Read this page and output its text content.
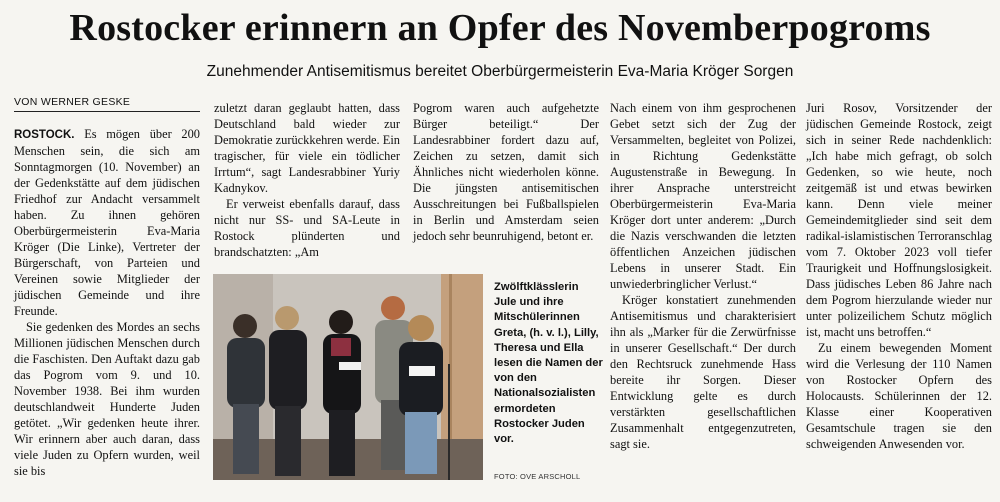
Rostocker erinnern an Opfer des Novemberpogroms
Zunehmender Antisemitismus bereitet Oberbürgermeisterin Eva-Maria Kröger Sorgen
VON WERNER GESKE

ROSTOCK. Es mögen über 200 Menschen sein, die sich am Sonntagmorgen (10. November) an der Gedenkstätte auf dem jüdischen Friedhof zur Andacht versammelt haben. Zu ihnen gehören Oberbürgermeisterin Eva-Maria Kröger (Die Linke), Vertreter der Bürgerschaft, von Parteien und Vereinen sowie Mitglieder der jüdischen Gemeinde und ihre Freunde.

Sie gedenken des Mordes an sechs Millionen jüdischen Menschen durch die Faschisten. Den Auftakt dazu gab das Pogrom vom 9. und 10. November 1938. Bei ihm wurden deutschlandweit Hunderte Juden getötet. „Wir gedenken heute ihrer. Wir erinnern aber auch daran, dass viele Juden zu Opfern wurden, weil sie bis

zuletzt daran geglaubt hatten, dass Deutschland bald wieder zur Demokratie zurückkehren werde. Ein tragischer, für viele ein tödlicher Irrtum“, sagt Landesrabbiner Yuriy Kadnykov.

Er verweist ebenfalls darauf, dass nicht nur SS- und SA-Leute in Rostock plünderten und brandschatzten: „Am

Pogrom waren auch aufgehetzte Bürger beteiligt.“ Der Landesrabbiner fordert dazu auf, Zeichen zu setzen, damit sich Ähnliches nicht wiederholen könne. Die jüngsten antisemitischen Ausschreitungen bei Fußballspielen in Berlin und Amsterdam seien jedoch sehr beunruhigend, betont er.

Nach einem von ihm gesprochenen Gebet setzt sich der Zug der Versammelten, begleitet von Polizei, in Richtung Gedenkstätte Augustenstraße in Bewegung. In ihrer Ansprache unterstreicht Oberbürgermeisterin Eva-Maria Kröger dort unter anderem: „Durch die Nazis verschwanden die letzten öffentlichen Anzeichen jüdischen Lebens in unserer Stadt. Ein unwiederbringlicher Verlust.“

Kröger konstatiert zunehmenden Antisemitismus und charakterisiert ihn als „Marker für die Zerwürfnisse in unserer Gesellschaft.“ Der durch den Rechtsruck zunehmende Hass bereite ihr Sorgen. Dieser Entwicklung gelte es durch verstärkten gesellschaftlichen Zusammenhalt entgegenzutreten, sagt sie.

Juri Rosov, Vorsitzender der jüdischen Gemeinde Rostock, zeigt sich in seiner Rede nachdenklich: „Ich habe mich gefragt, ob solch Gedenken, so wie heute, noch zeitgemäß ist und etwas bewirken kann. Denn viele meiner Gemeindemitglieder sind seit dem radikal-islamistischen Terroranschlag vom 7. Oktober 2023 voll tiefer Traurigkeit und Hoffnungslosigkeit. Dass jüdisches Leben 86 Jahre nach dem Pogrom hierzulande wieder nur unter polizeilichem Schutz möglich ist, macht uns betroffen.“

Zu einem bewegenden Moment wird die Verlesung der 110 Namen von Rostocker Opfern des Holocausts. Schülerinnen der 12. Klasse einer Kooperativen Gesamtschule tragen sie den schweigenden Anwesenden vor.

Zwölftklässlerin Jule und ihre Mitschülerinnen Greta, (h. v. l.), Lilly, Theresa und Ella lesen die Namen der von den Nationalsozialisten ermordeten Rostocker Juden vor.
FOTO: OVE ARSCHOLL
